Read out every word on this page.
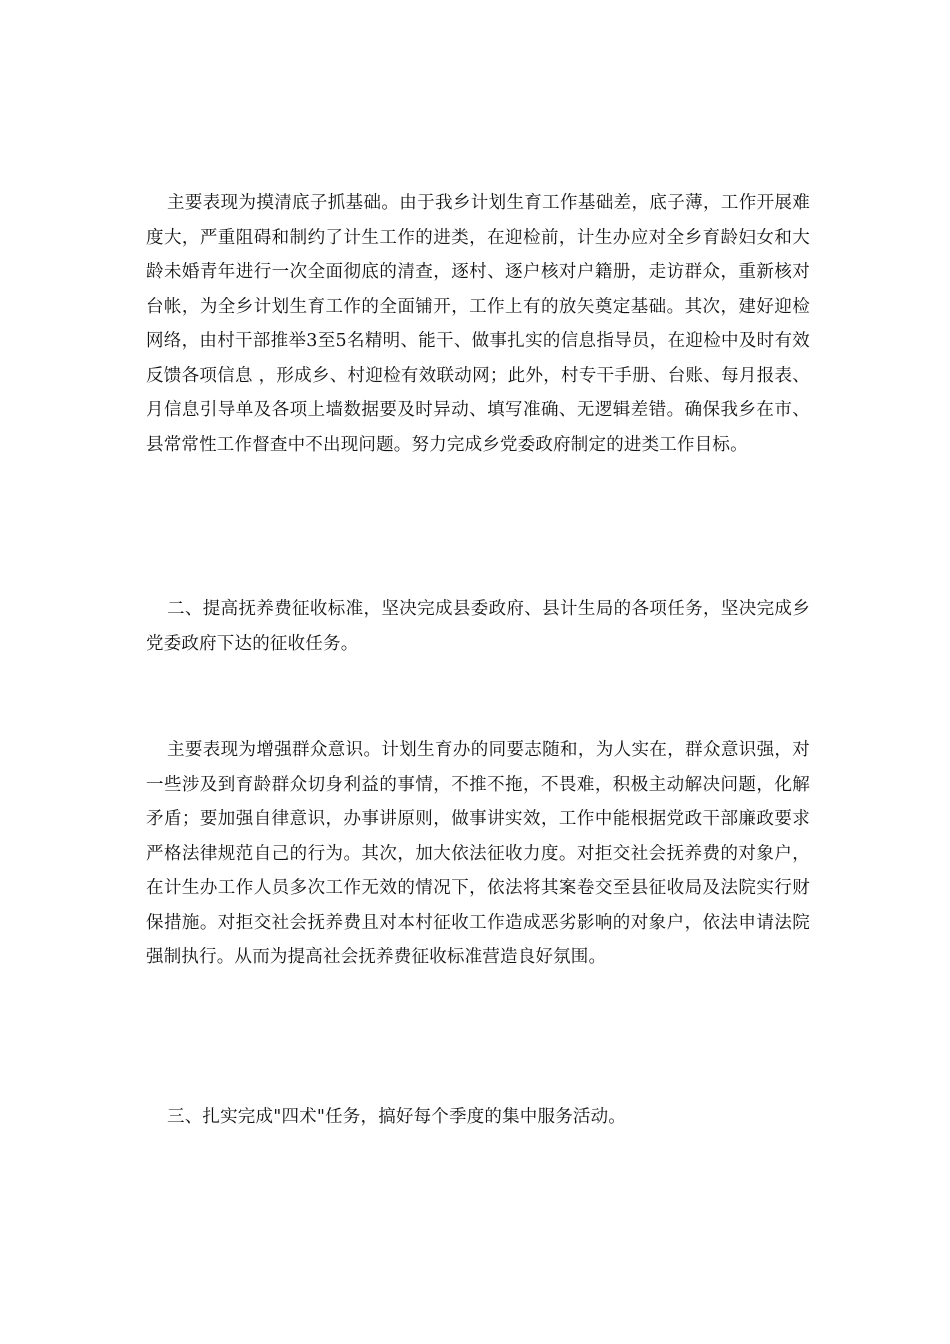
主要表现为摸清底子抓基础。由于我乡计划生育工作基础差，底子薄，工作开展难度大，严重阻碍和制约了计生工作的进类，在迎检前，计生办应对全乡育龄妇女和大龄未婚青年进行一次全面彻底的清查，逐村、逐户核对户籍册，走访群众，重新核对台帐，为全乡计划生育工作的全面铺开，工作上有的放矢奠定基础。其次，建好迎检网络，由村干部推举3至5名精明、能干、做事扎实的信息指导员，在迎检中及时有效反馈各项信息 ，形成乡、村迎检有效联动网；此外，村专干手册、台账、每月报表、月信息引导单及各项上墙数据要及时异动、填写准确、无逻辑差错。确保我乡在市、县常常性工作督查中不出现问题。努力完成乡党委政府制定的进类工作目标。

二、提高抚养费征收标准，坚决完成县委政府、县计生局的各项任务，坚决完成乡党委政府下达的征收任务。

主要表现为增强群众意识。计划生育办的同要志随和，为人实在，群众意识强，对一些涉及到育龄群众切身利益的事情，不推不拖，不畏难，积极主动解决问题，化解矛盾；要加强自律意识，办事讲原则，做事讲实效，工作中能根据党政干部廉政要求严格法律规范自己的行为。其次，加大依法征收力度。对拒交社会抚养费的对象户，在计生办工作人员多次工作无效的情况下，依法将其案卷交至县征收局及法院实行财保措施。对拒交社会抚养费且对本村征收工作造成恶劣影响的对象户，依法申请法院强制执行。从而为提高社会抚养费征收标准营造良好氛围。

三、扎实完成"四术"任务，搞好每个季度的集中服务活动。
